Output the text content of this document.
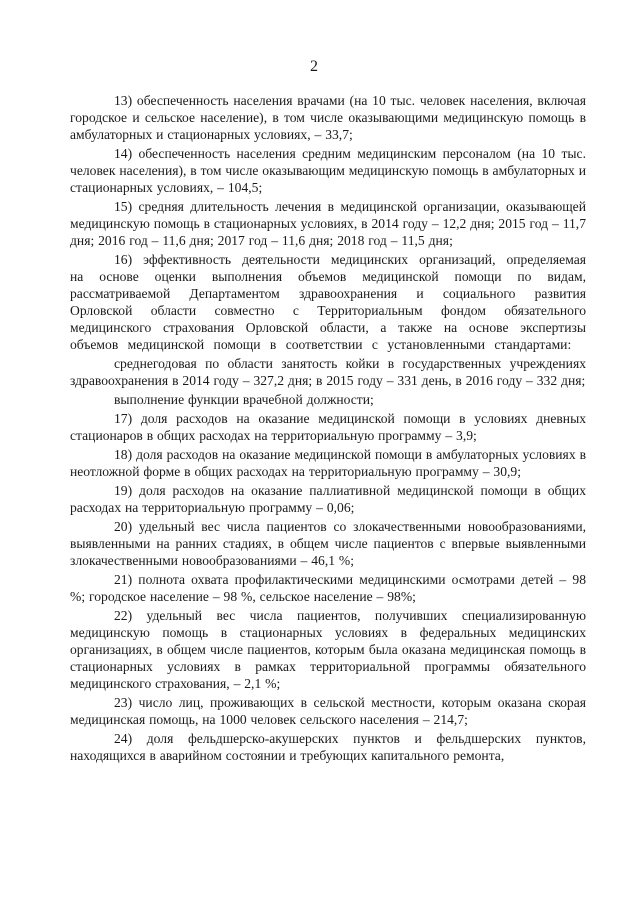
2

13) обеспеченность населения врачами (на 10 тыс. человек населения, включая городское и сельское население), в том числе оказывающими медицинскую помощь в амбулаторных и стационарных условиях, – 33,7;

14) обеспеченность населения средним медицинским персоналом (на 10 тыс. человек населения), в том числе оказывающим медицинскую помощь в амбулаторных и стационарных условиях, – 104,5;

15) средняя длительность лечения в медицинской организации, оказывающей медицинскую помощь в стационарных условиях, в 2014 году – 12,2 дня; 2015 год – 11,7 дня; 2016 год – 11,6 дня; 2017 год – 11,6 дня; 2018 год – 11,5 дня;

16) эффективность деятельности медицинских организаций, определяемая на основе оценки выполнения объемов медицинской помощи по видам, рассматриваемой Департаментом здравоохранения и социального развития Орловской области совместно с Территориальным фондом обязательного медицинского страхования Орловской области, а также на основе экспертизы объемов медицинской помощи в соответствии с установленными стандартами:

среднегодовая по области занятость койки в государственных учреждениях здравоохранения в 2014 году – 327,2 дня; в 2015 году – 331 день, в 2016 году – 332 дня;

выполнение функции врачебной должности;

17) доля расходов на оказание медицинской помощи в условиях дневных стационаров в общих расходах на территориальную программу – 3,9;

18) доля расходов на оказание медицинской помощи в амбулаторных условиях в неотложной форме в общих расходах на территориальную программу – 30,9;

19) доля расходов на оказание паллиативной медицинской помощи в общих расходах на территориальную программу – 0,06;

20) удельный вес числа пациентов со злокачественными новообразованиями, выявленными на ранних стадиях, в общем числе пациентов с впервые выявленными злокачественными новообразованиями – 46,1 %;

21) полнота охвата профилактическими медицинскими осмотрами детей – 98 %; городское население – 98 %, сельское население – 98%;

22) удельный вес числа пациентов, получивших специализированную медицинскую помощь в стационарных условиях в федеральных медицинских организациях, в общем числе пациентов, которым была оказана медицинская помощь в стационарных условиях в рамках территориальной программы обязательного медицинского страхования, – 2,1 %;

23) число лиц, проживающих в сельской местности, которым оказана скорая медицинская помощь, на 1000 человек сельского населения – 214,7;

24) доля фельдшерско-акушерских пунктов и фельдшерских пунктов, находящихся в аварийном состоянии и требующих капитального ремонта,
